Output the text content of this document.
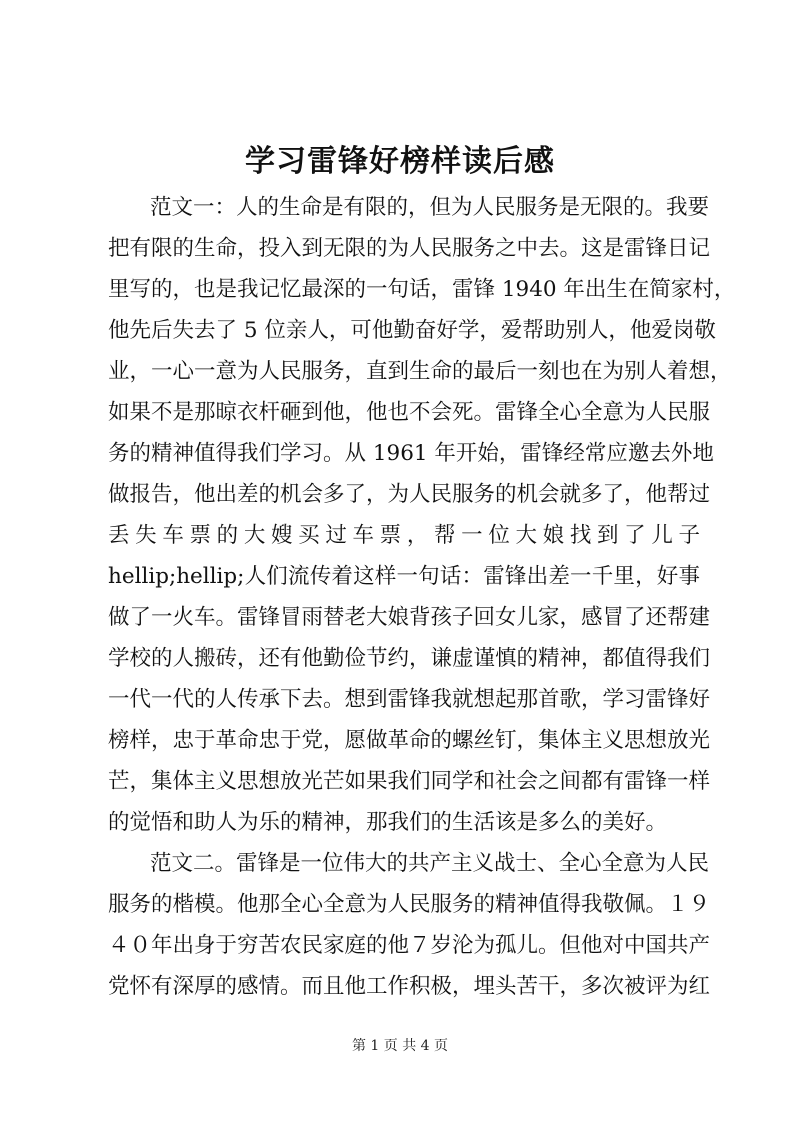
学习雷锋好榜样读后感

范文一：人的生命是有限的，但为人民服务是无限的。我要

把有限的生命，投入到无限的为人民服务之中去。这是雷锋日记

里写的，也是我记忆最深的一句话，雷锋 1940 年出生在简家村，

他先后失去了 5 位亲人，可他勤奋好学，爱帮助别人，他爱岗敬

业，一心一意为人民服务，直到生命的最后一刻也在为别人着想，

如果不是那晾衣杆砸到他，他也不会死。雷锋全心全意为人民服

务的精神值得我们学习。从 1961 年开始，雷锋经常应邀去外地

做报告，他出差的机会多了，为人民服务的机会就多了，他帮过

丢失车票的大嫂买过车票，帮一位大娘找到了儿子

hellip;hellip;人们流传着这样一句话：雷锋出差一千里，好事

做了一火车。雷锋冒雨替老大娘背孩子回女儿家，感冒了还帮建

学校的人搬砖，还有他勤俭节约，谦虚谨慎的精神，都值得我们

一代一代的人传承下去。想到雷锋我就想起那首歌，学习雷锋好

榜样，忠于革命忠于党，愿做革命的螺丝钉，集体主义思想放光

芒，集体主义思想放光芒如果我们同学和社会之间都有雷锋一样

的觉悟和助人为乐的精神，那我们的生活该是多么的美好。

范文二。雷锋是一位伟大的共产主义战士、全心全意为人民

服务的楷模。他那全心全意为人民服务的精神值得我敬佩。１９

４０年出身于穷苦农民家庭的他７岁沦为孤儿。但他对中国共产

党怀有深厚的感情。而且他工作积极，埋头苦干，多次被评为红

第 1 页 共 4 页
